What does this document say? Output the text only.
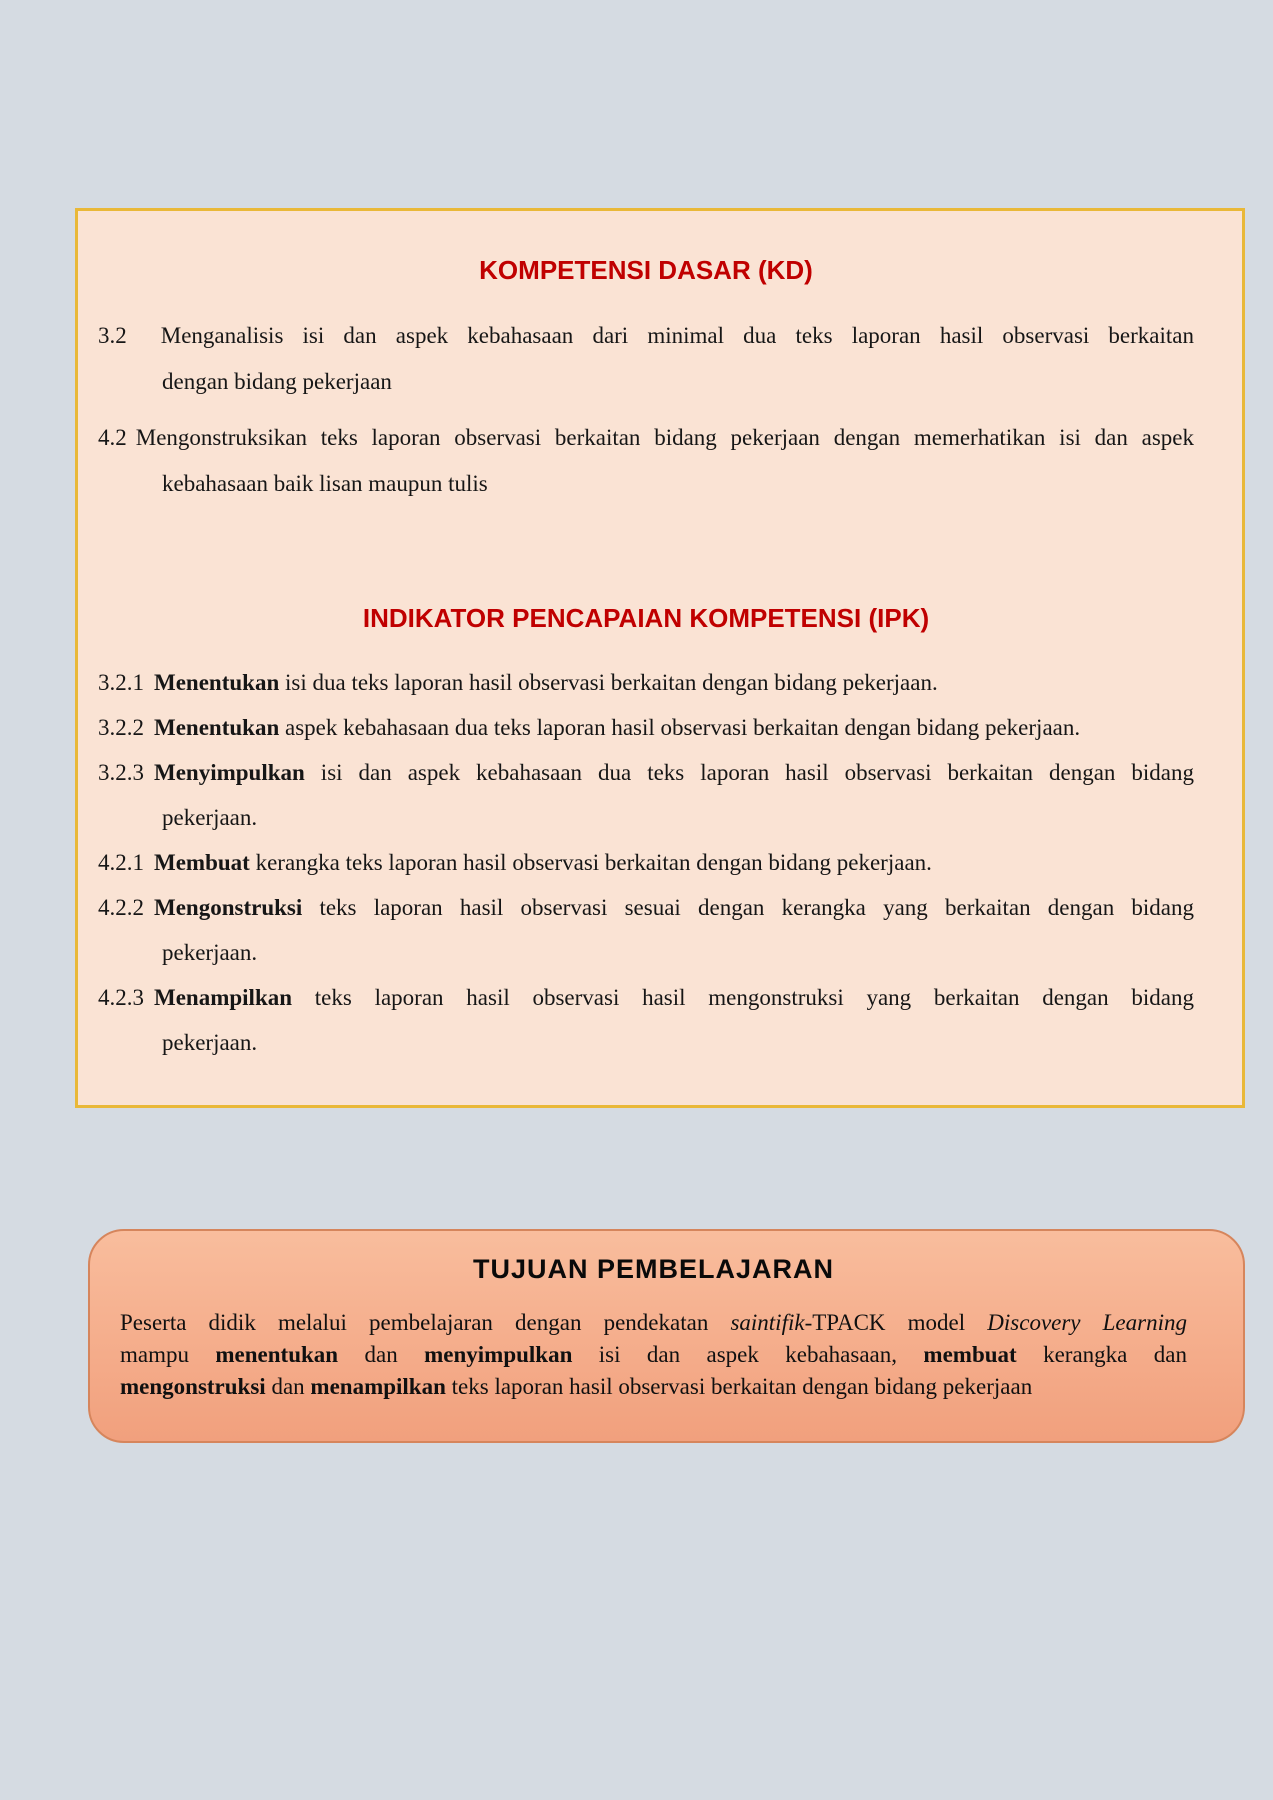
KOMPETENSI DASAR (KD)
3.2 Menganalisis isi dan aspek kebahasaan dari minimal dua teks laporan hasil observasi berkaitan
dengan bidang pekerjaan
4.2 Mengonstruksikan teks laporan observasi berkaitan bidang pekerjaan dengan memerhatikan isi dan aspek
kebahasaan baik lisan maupun tulis
INDIKATOR PENCAPAIAN KOMPETENSI (IPK)
3.2.1 Menentukan isi dua teks laporan hasil observasi berkaitan dengan bidang pekerjaan.
3.2.2 Menentukan aspek kebahasaan dua teks laporan hasil observasi berkaitan dengan bidang pekerjaan.
3.2.3 Menyimpulkan isi dan aspek kebahasaan dua teks laporan hasil observasi berkaitan dengan bidang
pekerjaan.
4.2.1 Membuat kerangka teks laporan hasil observasi berkaitan dengan bidang pekerjaan.
4.2.2 Mengonstruksi teks laporan hasil observasi sesuai dengan kerangka yang berkaitan dengan bidang
pekerjaan.
4.2.3 Menampilkan teks laporan hasil observasi hasil mengonstruksi yang berkaitan dengan bidang
pekerjaan.
TUJUAN PEMBELAJARAN
Peserta didik melalui pembelajaran dengan pendekatan saintifik-TPACK model Discovery Learning
mampu menentukan dan menyimpulkan isi dan aspek kebahasaan, membuat kerangka dan
mengonstruksi dan menampilkan teks laporan hasil observasi berkaitan dengan bidang pekerjaan
